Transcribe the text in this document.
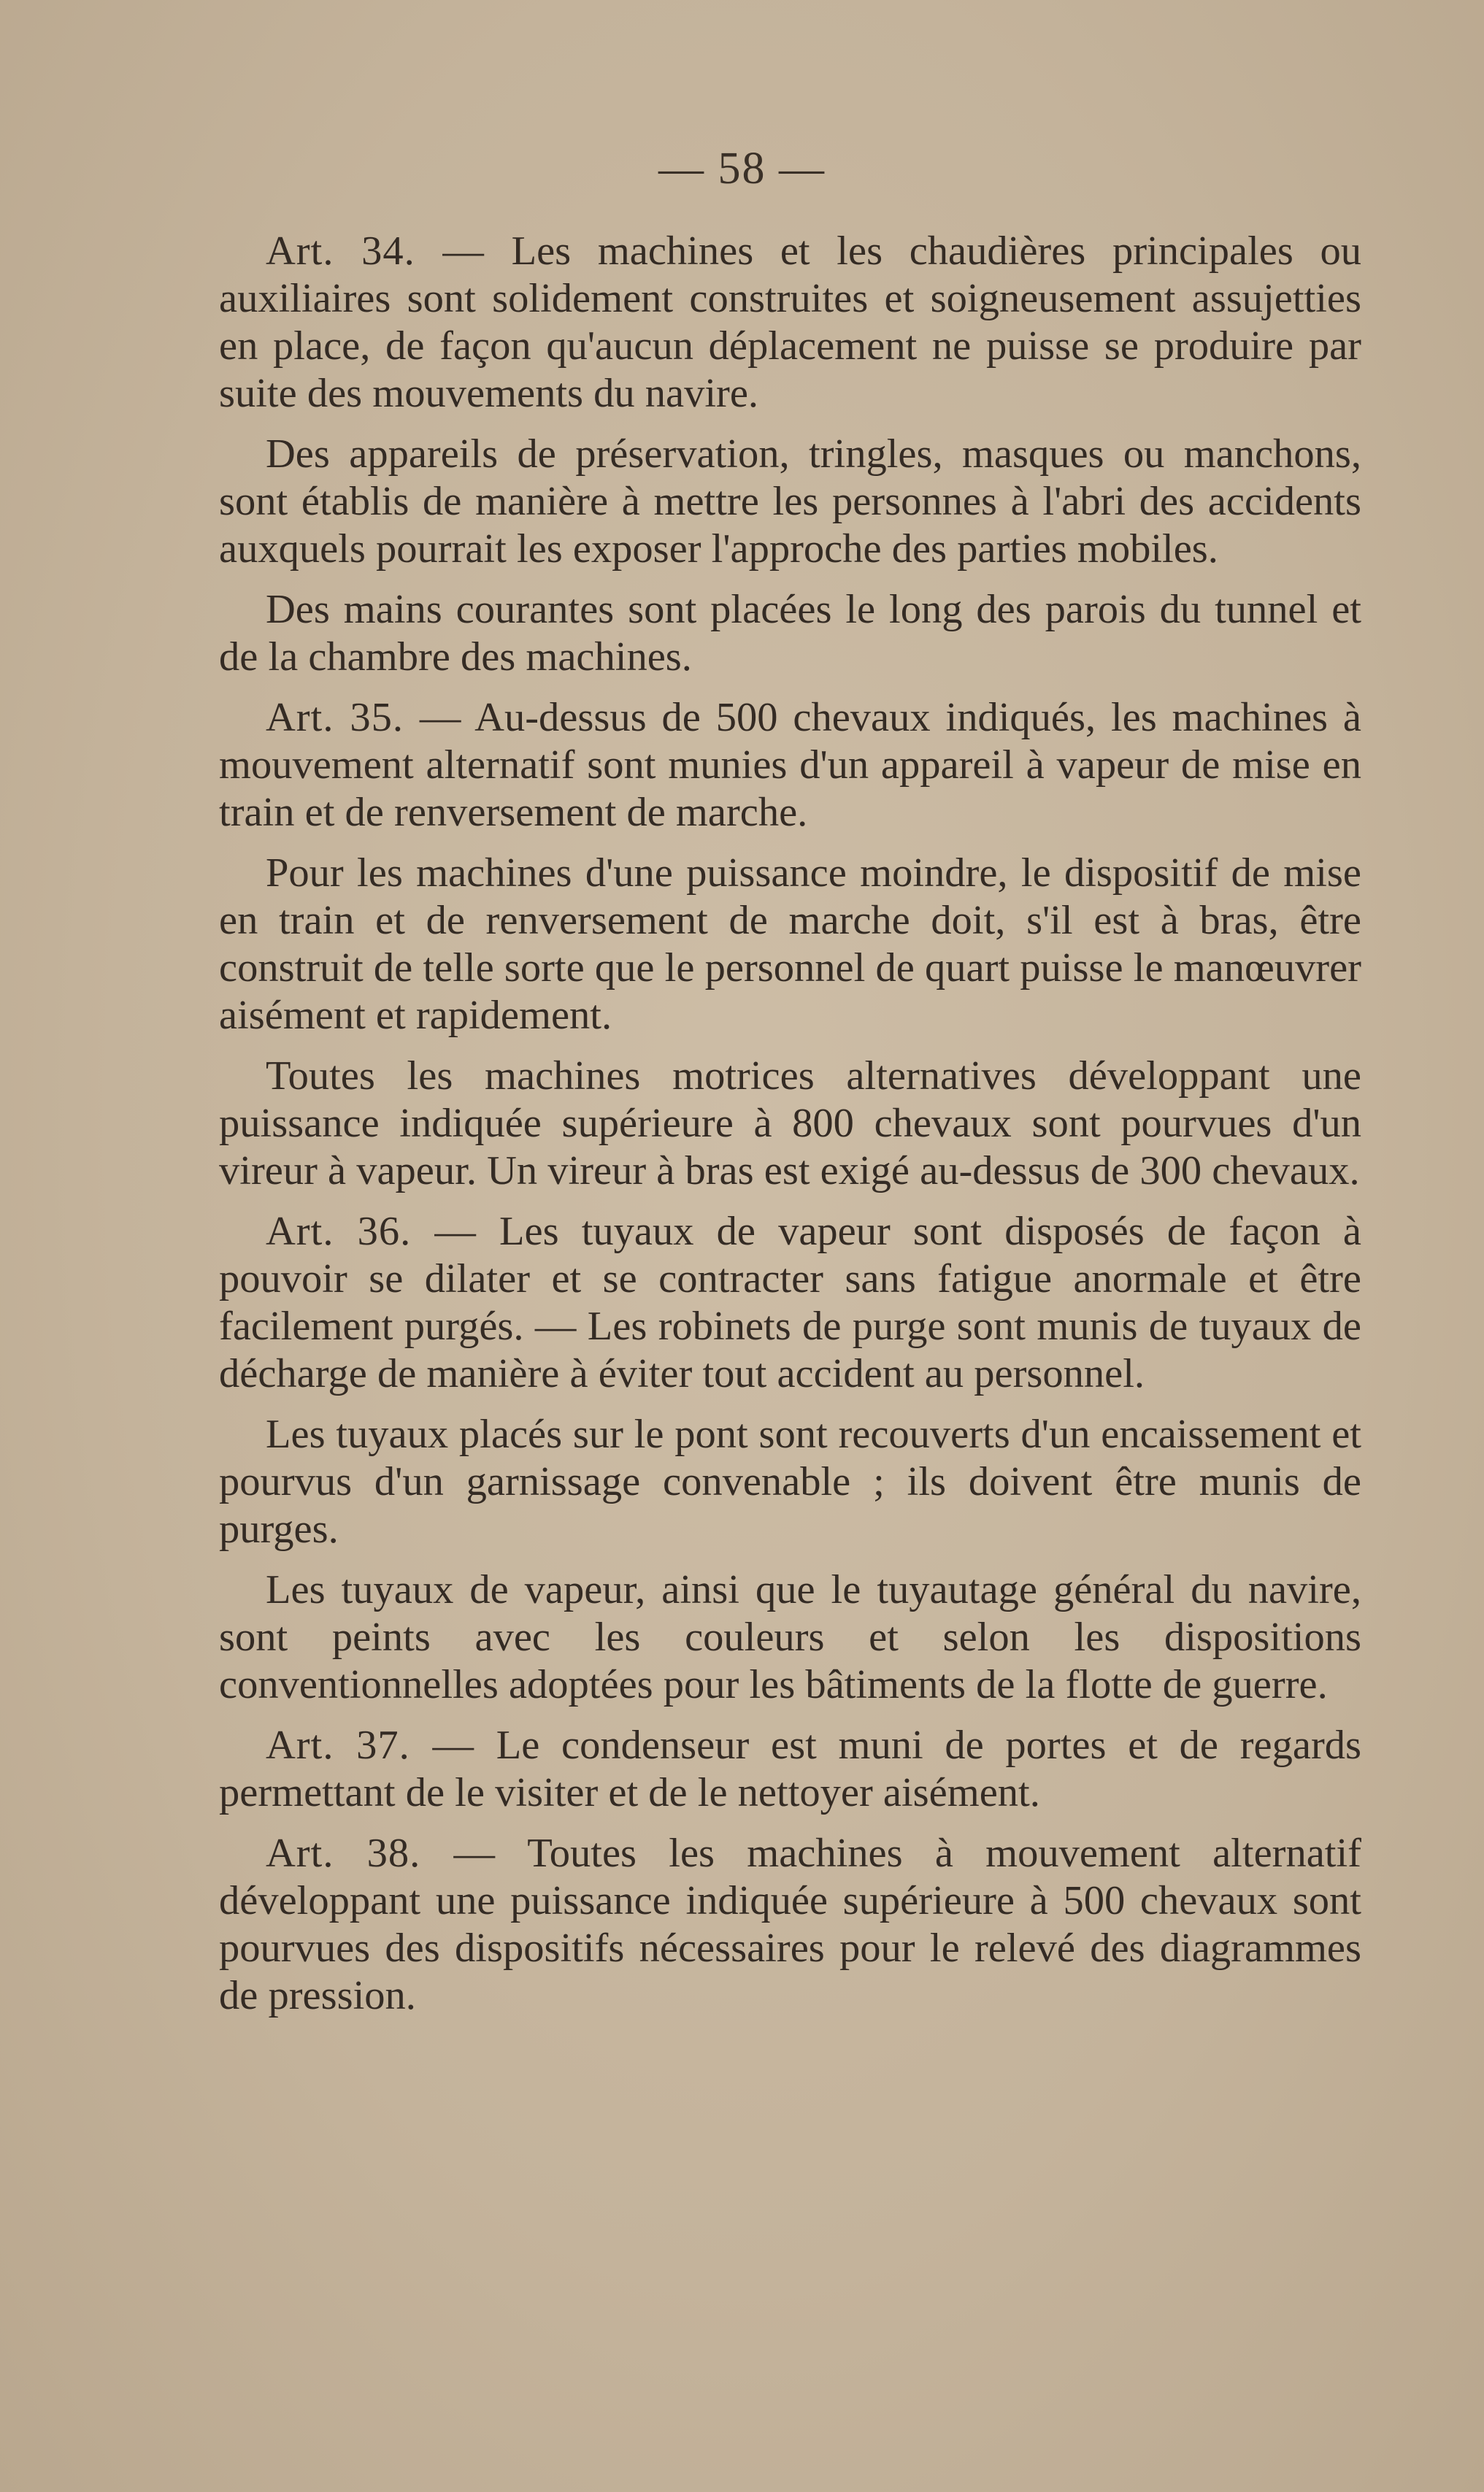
— 58 —

Art. 34. — Les machines et les chaudières principales ou auxiliaires sont solidement construites et soigneusement assujetties en place, de façon qu'aucun déplacement ne puisse se produire par suite des mouvements du navire.

Des appareils de préservation, tringles, masques ou manchons, sont établis de manière à mettre les personnes à l'abri des accidents auxquels pourrait les exposer l'approche des parties mobiles.

Des mains courantes sont placées le long des parois du tunnel et de la chambre des machines.

Art. 35. — Au-dessus de 500 chevaux indiqués, les machines à mouvement alternatif sont munies d'un appareil à vapeur de mise en train et de renversement de marche.

Pour les machines d'une puissance moindre, le dispositif de mise en train et de renversement de marche doit, s'il est à bras, être construit de telle sorte que le personnel de quart puisse le manœuvrer aisément et rapidement.

Toutes les machines motrices alternatives développant une puissance indiquée supérieure à 800 chevaux sont pourvues d'un vireur à vapeur. Un vireur à bras est exigé au-dessus de 300 chevaux.

Art. 36. — Les tuyaux de vapeur sont disposés de façon à pouvoir se dilater et se contracter sans fatigue anormale et être facilement purgés. — Les robinets de purge sont munis de tuyaux de décharge de manière à éviter tout accident au personnel.

Les tuyaux placés sur le pont sont recouverts d'un encaissement et pourvus d'un garnissage convenable ; ils doivent être munis de purges.

Les tuyaux de vapeur, ainsi que le tuyautage général du navire, sont peints avec les couleurs et selon les dispositions conventionnelles adoptées pour les bâtiments de la flotte de guerre.

Art. 37. — Le condenseur est muni de portes et de regards permettant de le visiter et de le nettoyer aisément.

Art. 38. — Toutes les machines à mouvement alternatif développant une puissance indiquée supérieure à 500 chevaux sont pourvues des dispositifs nécessaires pour le relevé des diagrammes de pression.
